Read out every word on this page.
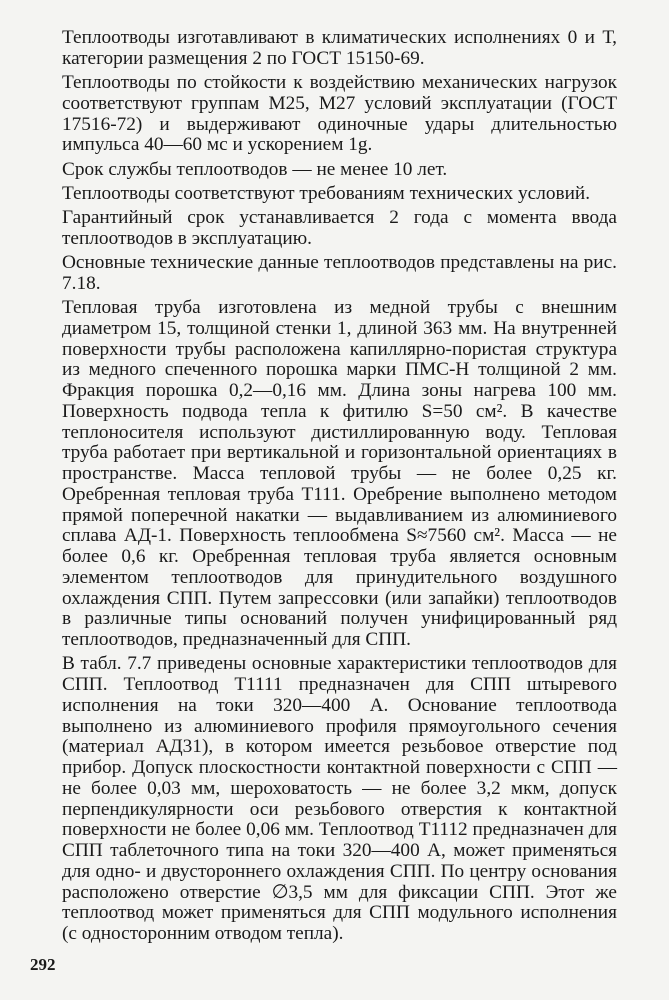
Теплоотводы изготавливают в климатических исполнениях 0 и Т, категории размещения 2 по ГОСТ 15150-69.

Теплоотводы по стойкости к воздействию механических нагрузок соответствуют группам М25, М27 условий эксплуатации (ГОСТ 17516-72) и выдерживают одиночные удары длительностью импульса 40—60 мс и ускорением 1g.

Срок службы теплоотводов — не менее 10 лет.

Теплоотводы соответствуют требованиям технических условий.

Гарантийный срок устанавливается 2 года с момента ввода теплоотводов в эксплуатацию.

Основные технические данные теплоотводов представлены на рис. 7.18.

Тепловая труба изготовлена из медной трубы с внешним диаметром 15, толщиной стенки 1, длиной 363 мм. На внутренней поверхности трубы расположена капиллярно-пористая структура из медного спеченного порошка марки ПМС-Н толщиной 2 мм. Фракция порошка 0,2—0,16 мм. Длина зоны нагрева 100 мм. Поверхность подвода тепла к фитилю S=50 см². В качестве теплоносителя используют дистиллированную воду. Тепловая труба работает при вертикальной и горизонтальной ориентациях в пространстве. Масса тепловой трубы — не более 0,25 кг. Оребренная тепловая труба Т111. Оребрение выполнено методом прямой поперечной накатки — выдавливанием из алюминиевого сплава АД-1. Поверхность теплообмена S≈7560 см². Масса — не более 0,6 кг. Оребренная тепловая труба является основным элементом теплоотводов для принудительного воздушного охлаждения СПП. Путем запрессовки (или запайки) теплоотводов в различные типы оснований получен унифицированный ряд теплоотводов, предназначенный для СПП.

В табл. 7.7 приведены основные характеристики теплоотводов для СПП. Теплоотвод Т1111 предназначен для СПП штыревого исполнения на токи 320—400 А. Основание теплоотвода выполнено из алюминиевого профиля прямоугольного сечения (материал АД31), в котором имеется резьбовое отверстие под прибор. Допуск плоскостности контактной поверхности с СПП — не более 0,03 мм, шероховатость — не более 3,2 мкм, допуск перпендикулярности оси резьбового отверстия к контактной поверхности не более 0,06 мм. Теплоотвод Т1112 предназначен для СПП таблеточного типа на токи 320—400 А, может применяться для одно- и двустороннего охлаждения СПП. По центру основания расположено отверстие ∅3,5 мм для фиксации СПП. Этот же теплоотвод может применяться для СПП модульного исполнения (с односторонним отводом тепла).

292
